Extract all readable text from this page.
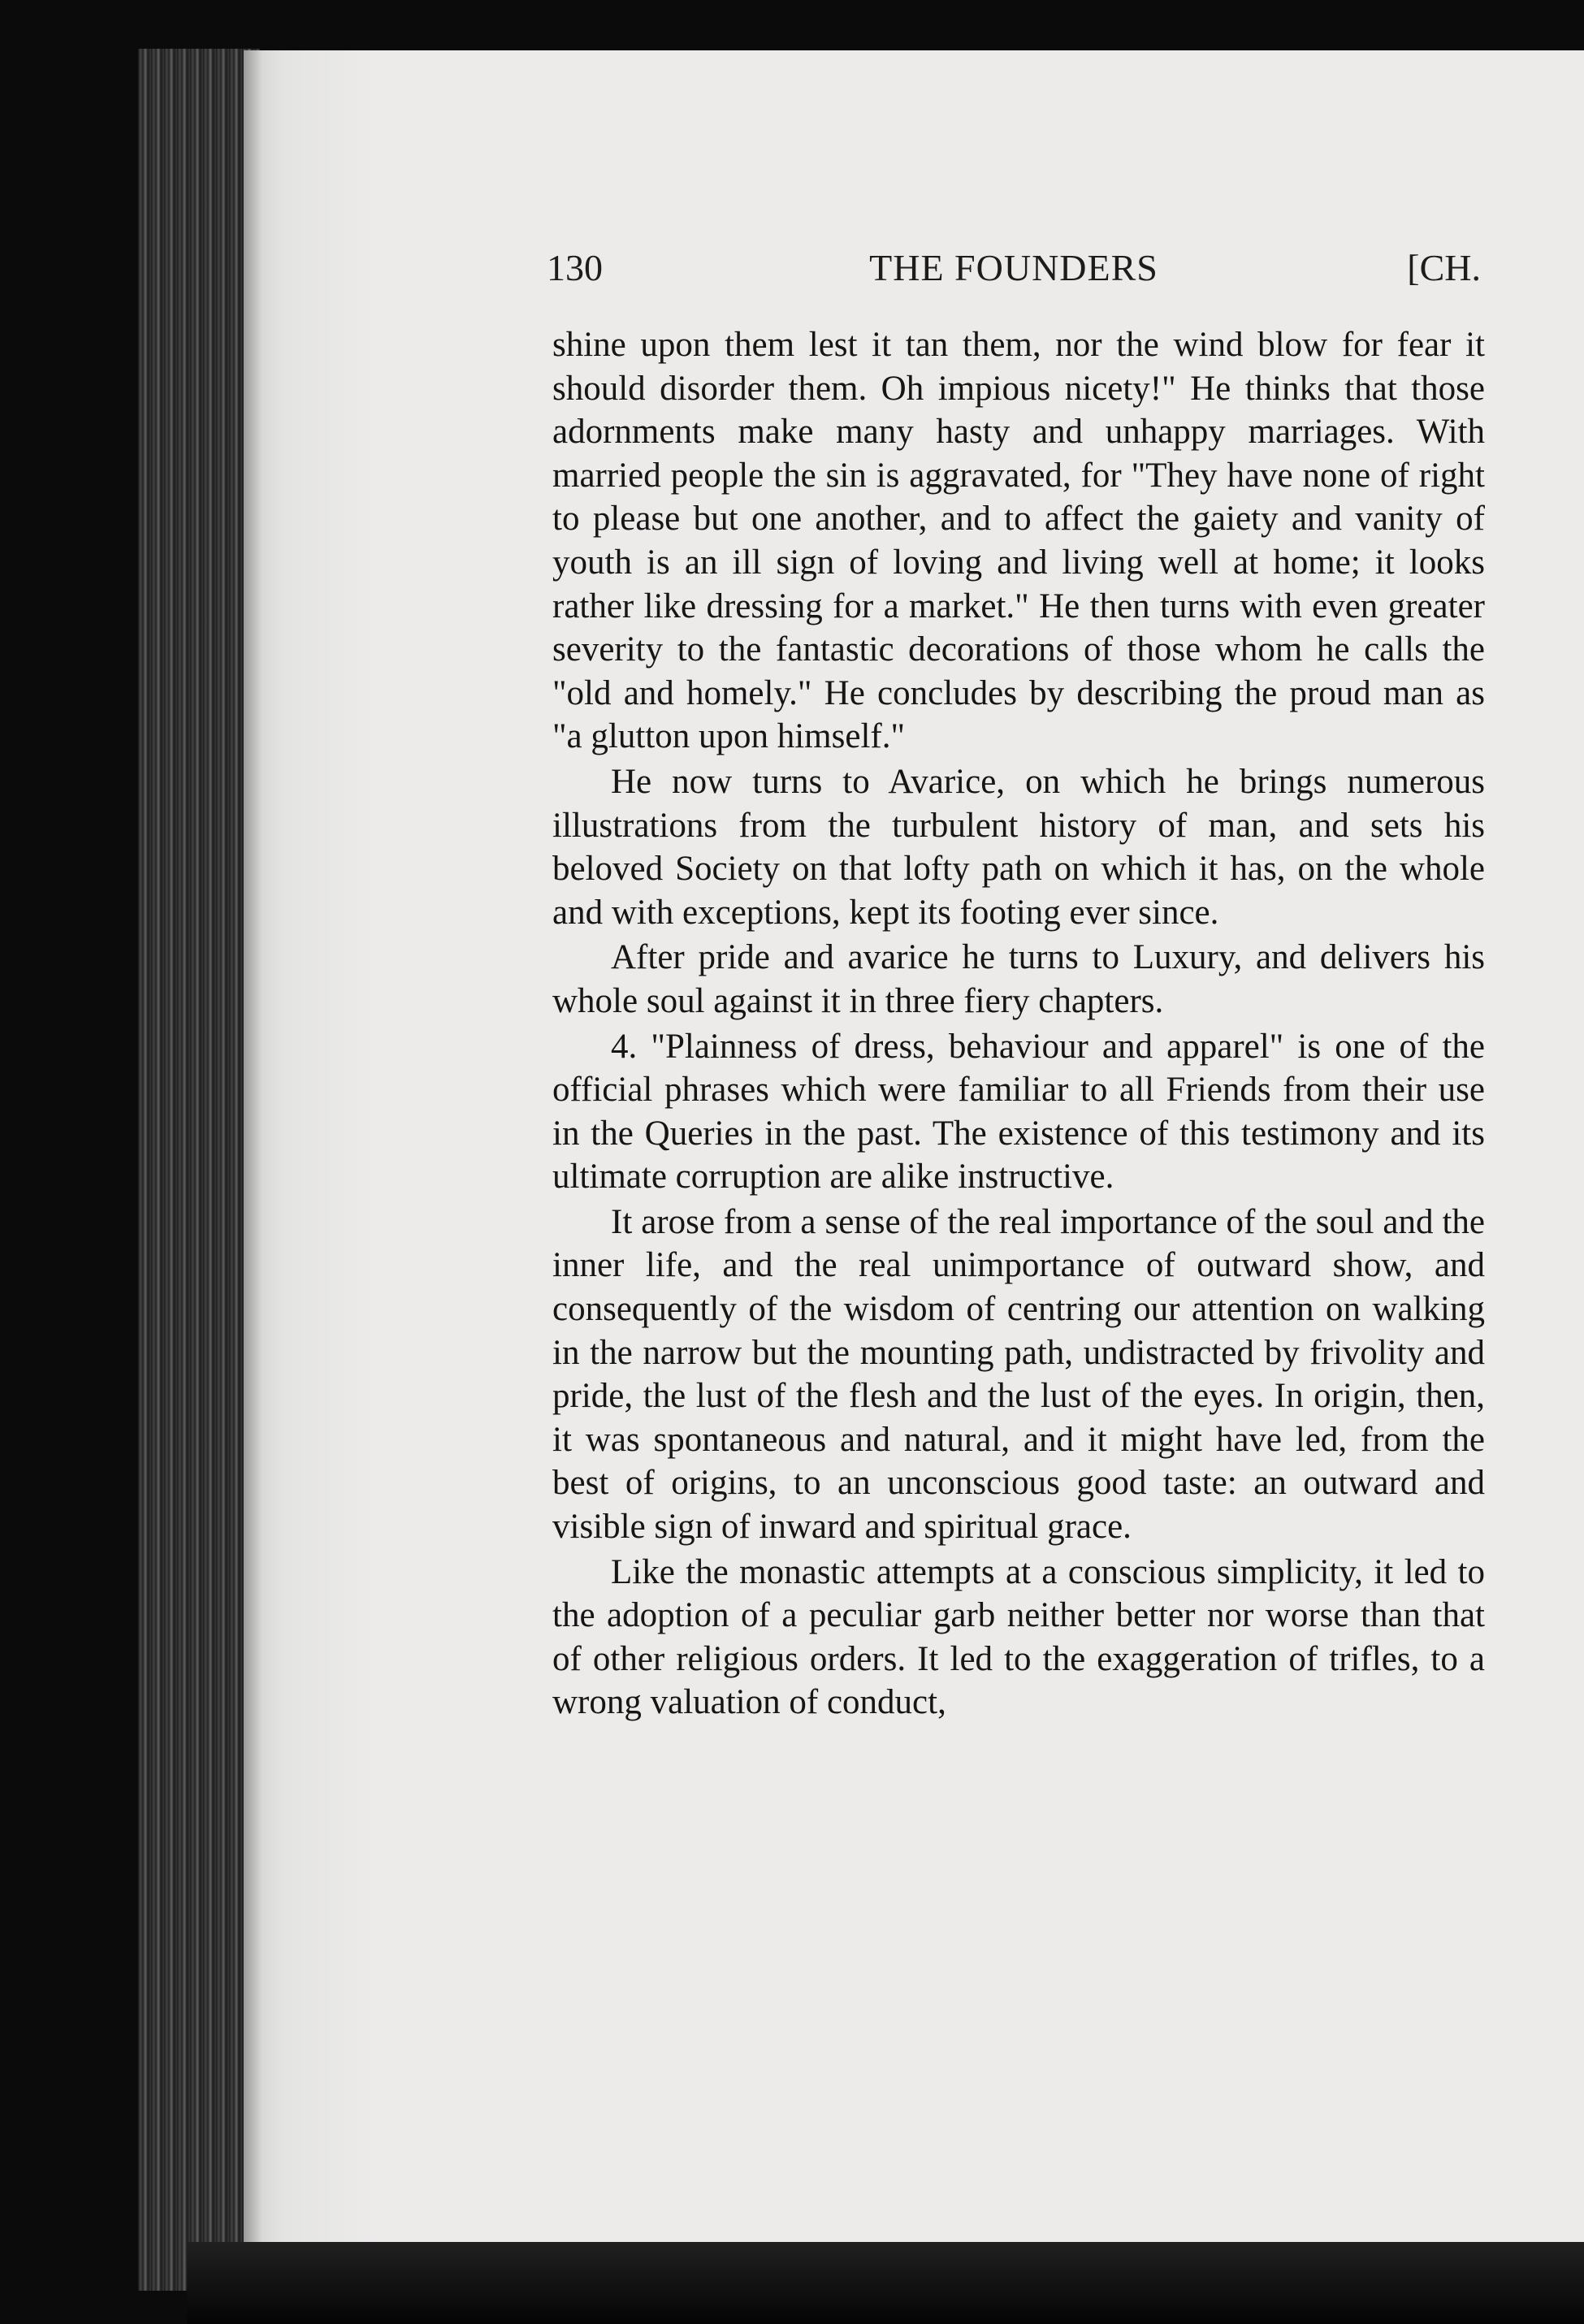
130	THE FOUNDERS	[CH.

shine upon them lest it tan them, nor the wind blow for fear it should disorder them. Oh impious nicety!" He thinks that those adornments make many hasty and unhappy marriages. With married people the sin is aggravated, for "They have none of right to please but one another, and to affect the gaiety and vanity of youth is an ill sign of loving and living well at home; it looks rather like dressing for a market." He then turns with even greater severity to the fantastic decorations of those whom he calls the "old and homely." He concludes by describing the proud man as "a glutton upon himself."

He now turns to Avarice, on which he brings numerous illustrations from the turbulent history of man, and sets his beloved Society on that lofty path on which it has, on the whole and with exceptions, kept its footing ever since.

After pride and avarice he turns to Luxury, and delivers his whole soul against it in three fiery chapters.

4. "Plainness of dress, behaviour and apparel" is one of the official phrases which were familiar to all Friends from their use in the Queries in the past. The existence of this testimony and its ultimate corruption are alike instructive.

It arose from a sense of the real importance of the soul and the inner life, and the real unimportance of outward show, and consequently of the wisdom of centring our attention on walking in the narrow but the mounting path, undistracted by frivolity and pride, the lust of the flesh and the lust of the eyes. In origin, then, it was spontaneous and natural, and it might have led, from the best of origins, to an unconscious good taste: an outward and visible sign of inward and spiritual grace.

Like the monastic attempts at a conscious simplicity, it led to the adoption of a peculiar garb neither better nor worse than that of other religious orders. It led to the exaggeration of trifles, to a wrong valuation of conduct,
